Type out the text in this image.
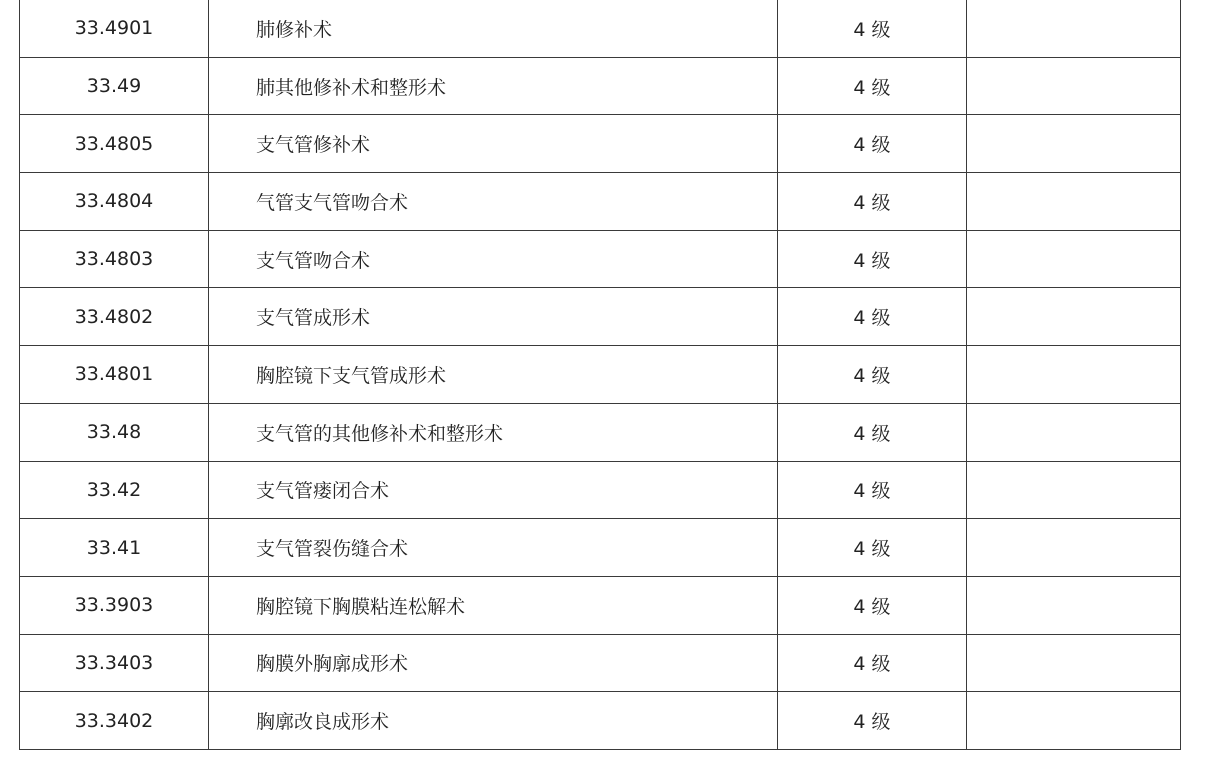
33.4901	肺修补术	4 级	
33.49	肺其他修补术和整形术	4 级	
33.4805	支气管修补术	4 级	
33.4804	气管支气管吻合术	4 级	
33.4803	支气管吻合术	4 级	
33.4802	支气管成形术	4 级	
33.4801	胸腔镜下支气管成形术	4 级	
33.48	支气管的其他修补术和整形术	4 级	
33.42	支气管瘘闭合术	4 级	
33.41	支气管裂伤缝合术	4 级	
33.3903	胸腔镜下胸膜粘连松解术	4 级	
33.3403	胸膜外胸廓成形术	4 级	
33.3402	胸廓改良成形术	4 级	
